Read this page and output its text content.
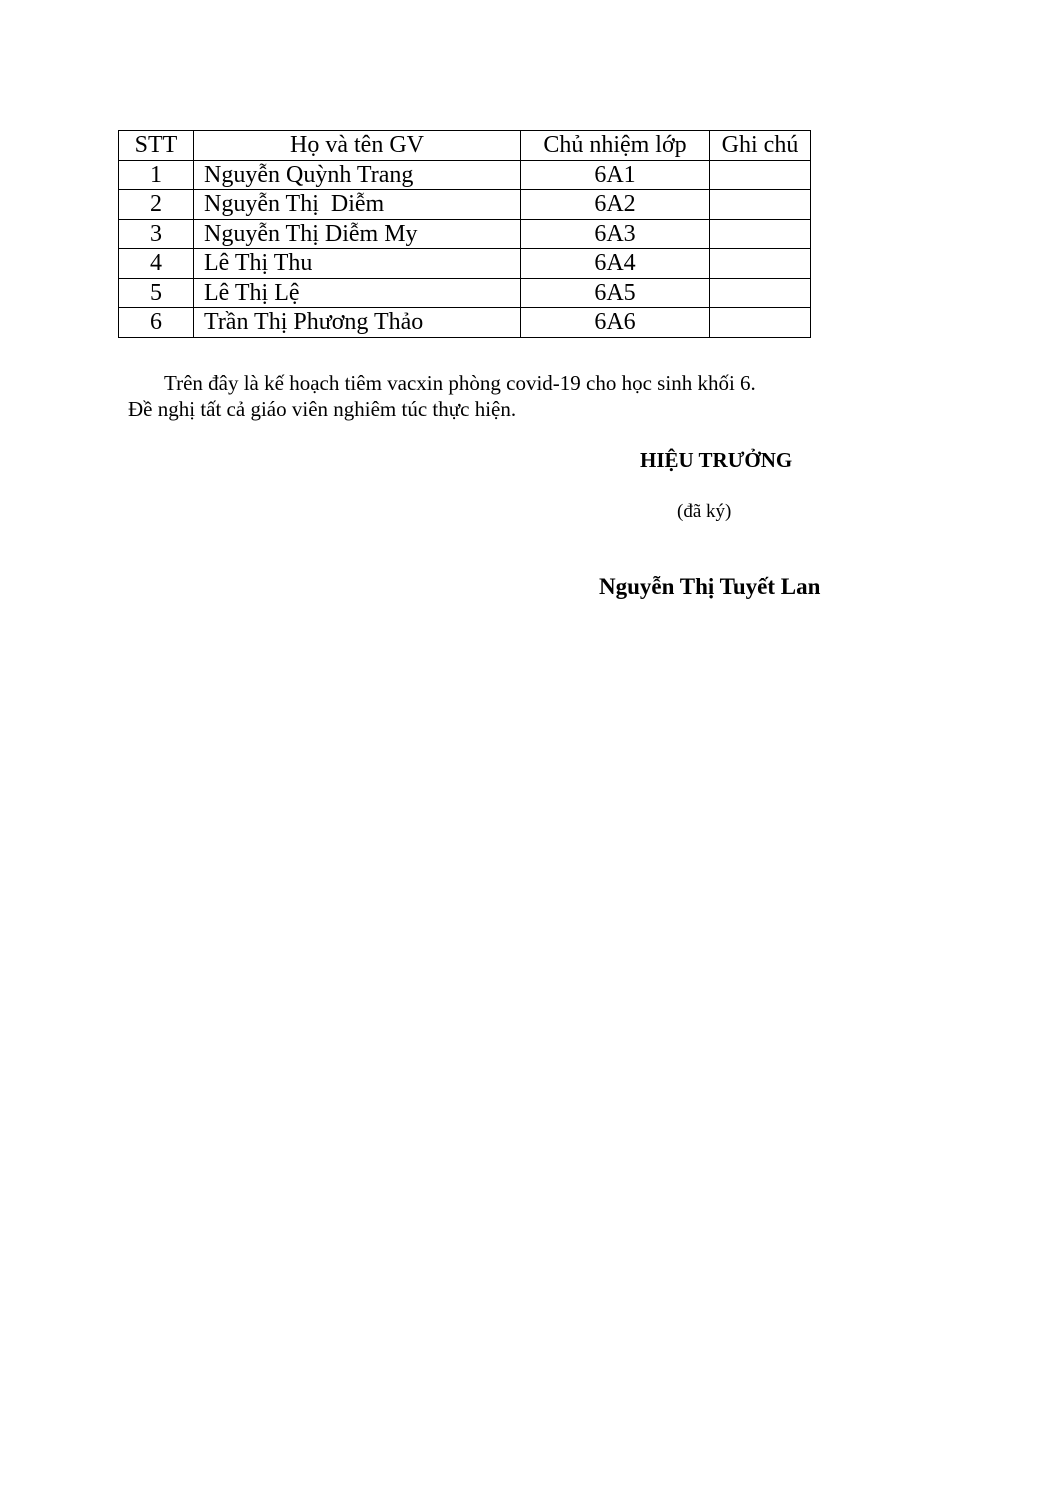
STT	Họ và tên GV	Chủ nhiệm lớp	Ghi chú
1	Nguyễn Quỳnh Trang	6A1	
2	Nguyễn Thị  Diễm	6A2	
3	Nguyễn Thị Diễm My	6A3	
4	Lê Thị Thu	6A4	
5	Lê Thị Lệ	6A5	
6	Trần Thị Phương Thảo	6A6	

Trên đây là kế hoạch tiêm vacxin phòng covid-19 cho học sinh khối 6.

Đề nghị tất cả giáo viên nghiêm túc thực hiện.

HIỆU TRƯỞNG

(đã ký)

Nguyễn Thị Tuyết Lan
